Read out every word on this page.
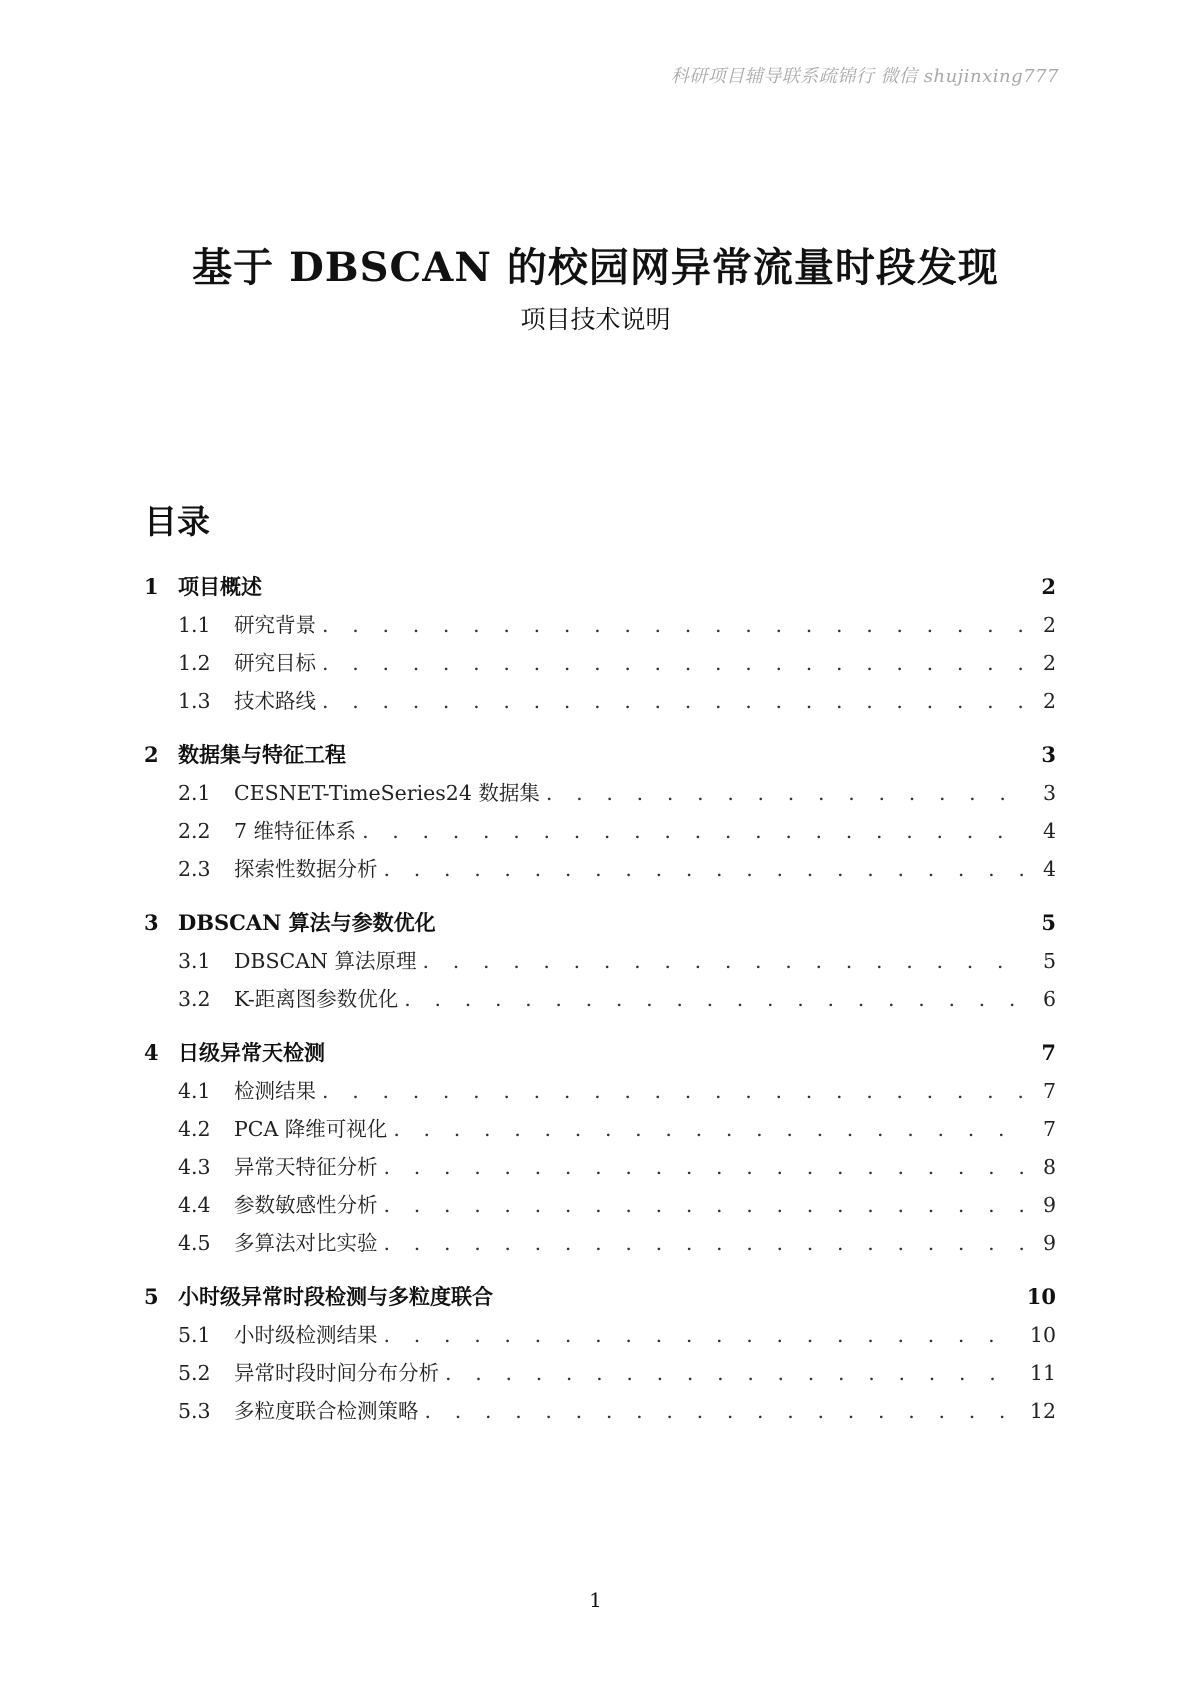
科研项目辅导联系疏锦行 微信 shujinxing777
基于 DBSCAN 的校园网异常流量时段发现
项目技术说明
目录
1 项目概述	2
1.1	研究背景 . . .	2
1.2	研究目标 . . .	2
1.3	技术路线 . . .	2
2 数据集与特征工程	3
2.1	CESNET-TimeSeries24 数据集 . . .	3
2.2	7 维特征体系 . . .	4
2.3	探索性数据分析 . . .	4
3 DBSCAN 算法与参数优化	5
3.1	DBSCAN 算法原理 . . .	5
3.2	K-距离图参数优化 . . .	6
4 日级异常天检测	7
4.1	检测结果 . . .	7
4.2	PCA 降维可视化 . . .	7
4.3	异常天特征分析 . . .	8
4.4	参数敏感性分析 . . .	9
4.5	多算法对比实验 . . .	9
5 小时级异常时段检测与多粒度联合	10
5.1	小时级检测结果 . . .	10
5.2	异常时段时间分布分析 . . .	11
5.3	多粒度联合检测策略 . . .	12
1
